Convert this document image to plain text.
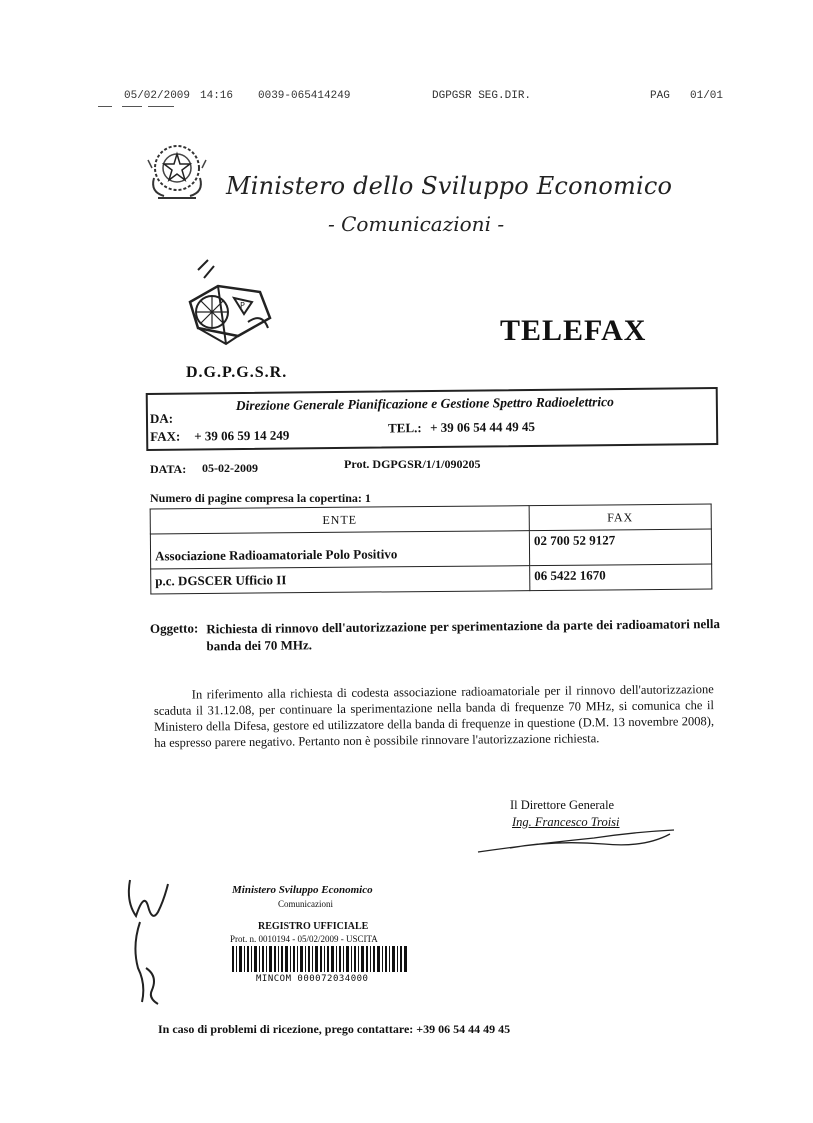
05/02/2009 14:16 0039-065414249	DGPGSR SEG.DIR.	PAG 01/01
Ministero dello Sviluppo Economico
- Comunicazioni -
P
TELEFAX
D.G.P.G.S.R.
DA:
Direzione Generale Pianificazione e Gestione Spettro Radioelettrico
FAX: + 39 06 59 14 249	TEL.: + 39 06 54 44 49 45
DATA: 05-02-2009	Prot. DGPGSR/1/1/090205
Numero di pagine compresa la copertina: 1
ENTE	FAX
Associazione Radioamatoriale Polo Positivo	02 700 52 9127
p.c. DGSCER Ufficio II	06 5422 1670
Oggetto:	Richiesta di rinnovo dell'autorizzazione per sperimentazione da parte dei radioamatori nella banda dei 70 MHz.
In riferimento alla richiesta di codesta associazione radioamatoriale per il rinnovo dell'autorizzazione scaduta il 31.12.08, per continuare la sperimentazione nella banda di frequenze 70 MHz, si comunica che il Ministero della Difesa, gestore ed utilizzatore della banda di frequenze in questione (D.M. 13 novembre 2008), ha espresso parere negativo. Pertanto non è possibile rinnovare l'autorizzazione richiesta.
Il Direttore Generale
Ing. Francesco Troisi
Ministero Sviluppo Economico
Comunicazioni
REGISTRO UFFICIALE
Prot. n. 0010194 - 05/02/2009 - USCITA
MINCOM 000072034000
In caso di problemi di ricezione, prego contattare: +39 06 54 44 49 45
